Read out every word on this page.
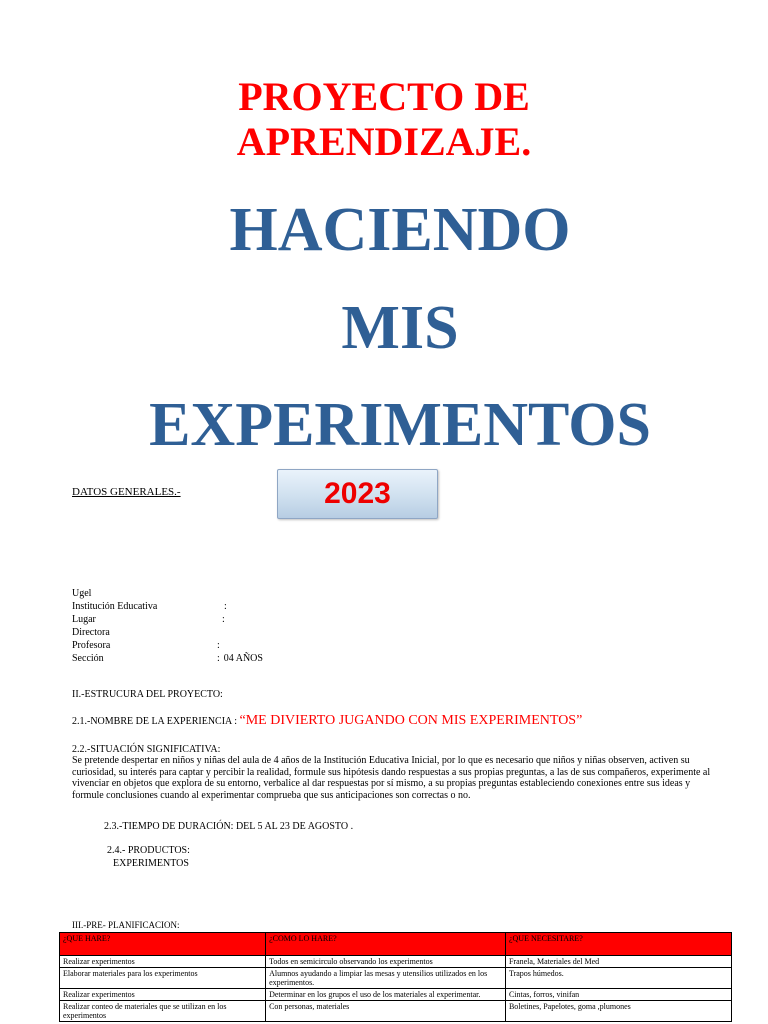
PROYECTO DE
APRENDIZAJE.
HACIENDO
MIS
EXPERIMENTOS
DATOS GENERALES.-	2023
Ugel
Institución Educativa	:
Lugar	:
Directora
Profesora	:
Sección	: 04 AÑOS
II.-ESTRUCURA DEL PROYECTO:
2.1.-NOMBRE DE LA EXPERIENCIA : “ME DIVIERTO JUGANDO CON MIS EXPERIMENTOS”
2.2.-SITUACIÓN SIGNIFICATIVA:
Se pretende despertar en niños y niñas del aula de 4 años de la Institución Educativa Inicial, por lo que es necesario que niños y niñas observen, activen su curiosidad, su interés para captar y percibir la realidad, formule sus hipótesis dando respuestas a sus propias preguntas, a las de sus compañeros, experimente al vivenciar en objetos que explora de su entorno, verbalice al dar respuestas por sí mismo, a su propias preguntas estableciendo conexiones entre sus ideas y formule conclusiones cuando al experimentar comprueba que sus anticipaciones son correctas o no.
2.3.-TIEMPO DE DURACIÓN: DEL 5 AL 23 DE AGOSTO .
2.4.- PRODUCTOS:
EXPERIMENTOS
III.-PRE- PLANIFICACION:
¿QUE HARE?	¿COMO LO HARE?	¿QUE NECESITARE?
Realizar experimentos	Todos en semicirculo observando los experimentos	Franela, Materiales del Med
Elaborar materiales para los experimentos	Alumnos ayudando a limpiar las mesas y utensilios utilizados en los experimentos.	Trapos húmedos.
Realizar experimentos	Determinar en los grupos el uso de los materiales al experimentar.	Cintas, forros, vinifan
Realizar conteo de materiales que se utilizan en los experimentos	Con personas, materiales	Boletines, Papelotes, goma ,plumones
